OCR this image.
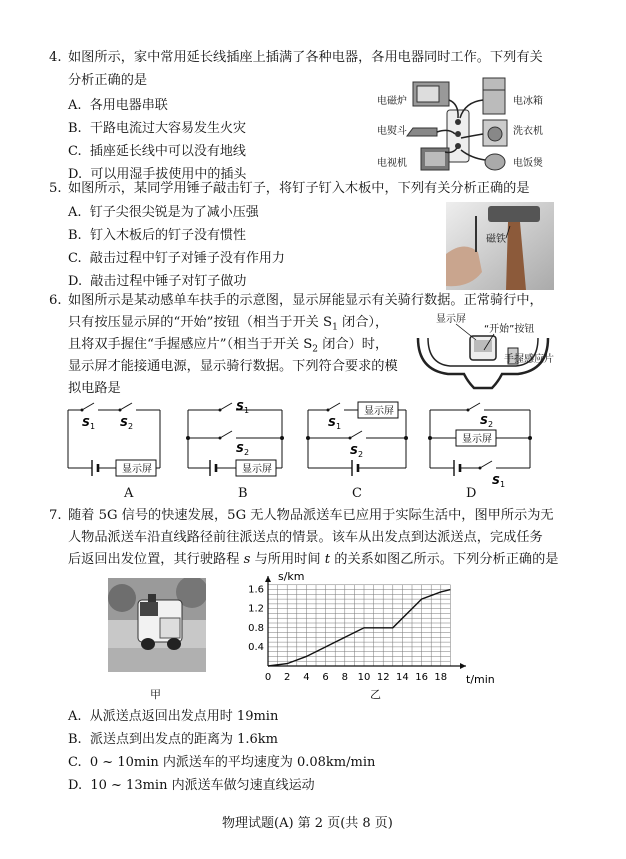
4. 如图所示，家中常用延长线插座上插满了各种电器，各用电器同时工作。下列有关
分析正确的是
A. 各用电器串联
B. 干路电流过大容易发生火灾
C. 插座延长线中可以没有地线
D. 可以用湿手拔使用中的插头
电磁炉	电冰箱
电熨斗	洗衣机
电视机	电饭煲
5. 如图所示，某同学用锤子敲击钉子，将钉子钉入木板中，下列有关分析正确的是
A. 钉子尖很尖锐是为了减小压强
B. 钉入木板后的钉子没有惯性
C. 敲击过程中钉子对锤子没有作用力
D. 敲击过程中锤子对钉子做功
磁铁
6. 如图所示是某动感单车扶手的示意图，显示屏能显示有关骑行数据。正常骑行中，
只有按压显示屏的“开始”按钮（相当于开关 $S_1$ 闭合），
且将双手握住“手握感应片”（相当于开关 $S_2$ 闭合）时，
显示屏才能接通电源，显示骑行数据。下列符合要求的模
拟电路是
显示屏
“开始”按钮
手握感应片
S 1 S 2
显示屏
S 1
S 2
显示屏
S 1
显示屏
S 2
S 2
显示屏
S 1
A	B	C	D
7. 随着 5G 信号的快速发展，5G 无人物品派送车已应用于实际生活中，图甲所示为无
人物品派送车沿直线路径前往派送点的情景。该车从出发点到达派送点，完成任务
后返回出发位置，其行驶路程 s 与所用时间 t 的关系如图乙所示。下列分析正确的是
甲
0 2 4 6 8 10 12 14 16 18
0.4
0.8
1.2
1.6
s/km
t/min
乙
A. 从派送点返回出发点用时 19min
B. 派送点到出发点的距离为 1.6km
C. 0 ~ 10min 内派送车的平均速度为 0.08km/min
D. 10 ~ 13min 内派送车做匀速直线运动
物理试题(A) 第 2 页(共 8 页)
